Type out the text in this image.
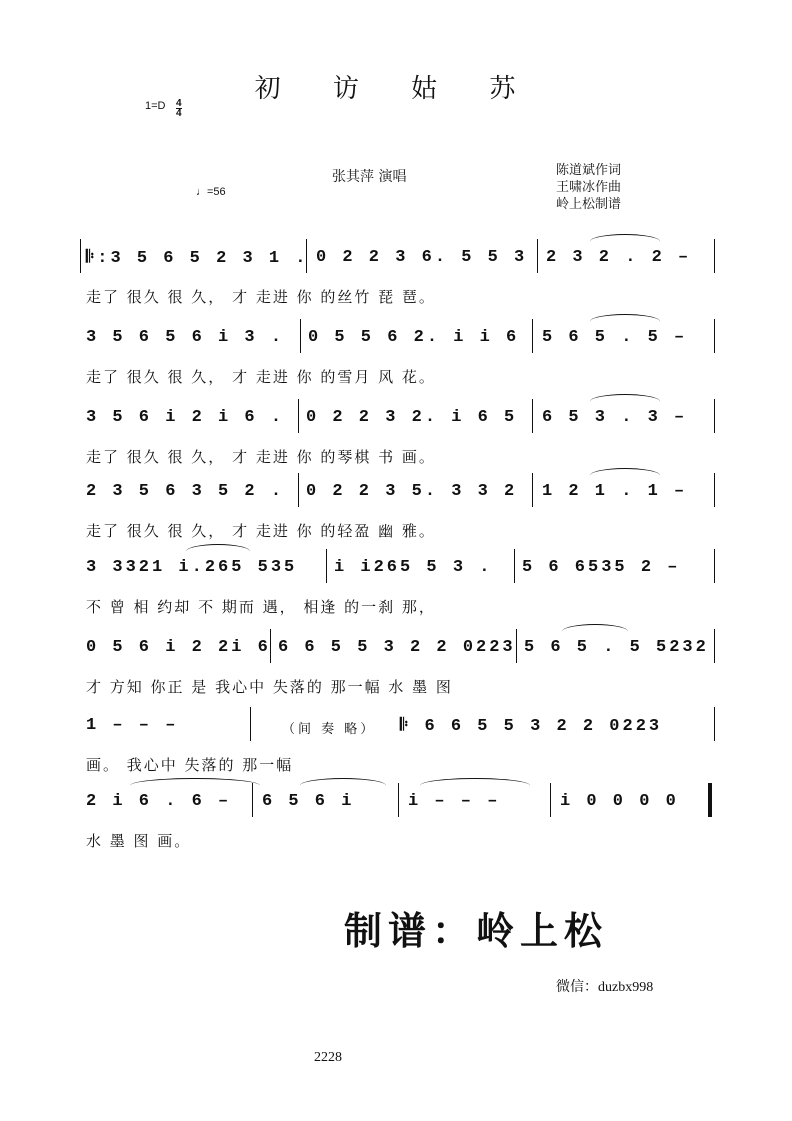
初 访 姑 苏
1=D 4
4
♩=56
张其萍 演唱	陈道斌作词
王啸冰作曲
岭上松制谱
𝄆:3 5 6 5 2 3 1 . 0 2 2 3 6. 5 5 3 2 3 2 . 2 –
走了 很久 很 久， 才 走进 你 的丝竹 琵 琶。
3 5 6 5 6 i 3 . 0 5 5 6 2. i i 6 5 6 5 . 5 –
走了 很久 很 久， 才 走进 你 的雪月 风 花。
3 5 6 i 2 i 6 . 0 2 2 3 2. i 6 5 6 5 3 . 3 –
走了 很久 很 久， 才 走进 你 的琴棋 书 画。
2 3 5 6 3 5 2 . 0 2 2 3 5. 3 3 2 1 2 1 . 1 –
走了 很久 很 久， 才 走进 你 的轻盈 幽 雅。
3 3321 i.265 535 i i265 5 3 . 5 6 6535 2 –
不 曾 相 约却 不 期而 遇， 相逢 的一刹 那，
0 5 6 i 2 2i 6 6 6 5 5 3 2 2 0223 5 6 5 . 5 5232
才 方知 你正 是 我心中 失落的 那一幅 水 墨 图
1 – – –	（间 奏 略） 𝄆 6 6 5 5 3 2 2 0223
画。 我心中 失落的 那一幅
2 i 6 . 6 – 6 5 6 i	i – – –	i 0 0 0 0
水 墨 图 画。
制谱：岭上松
微信：duzbx998
2228
